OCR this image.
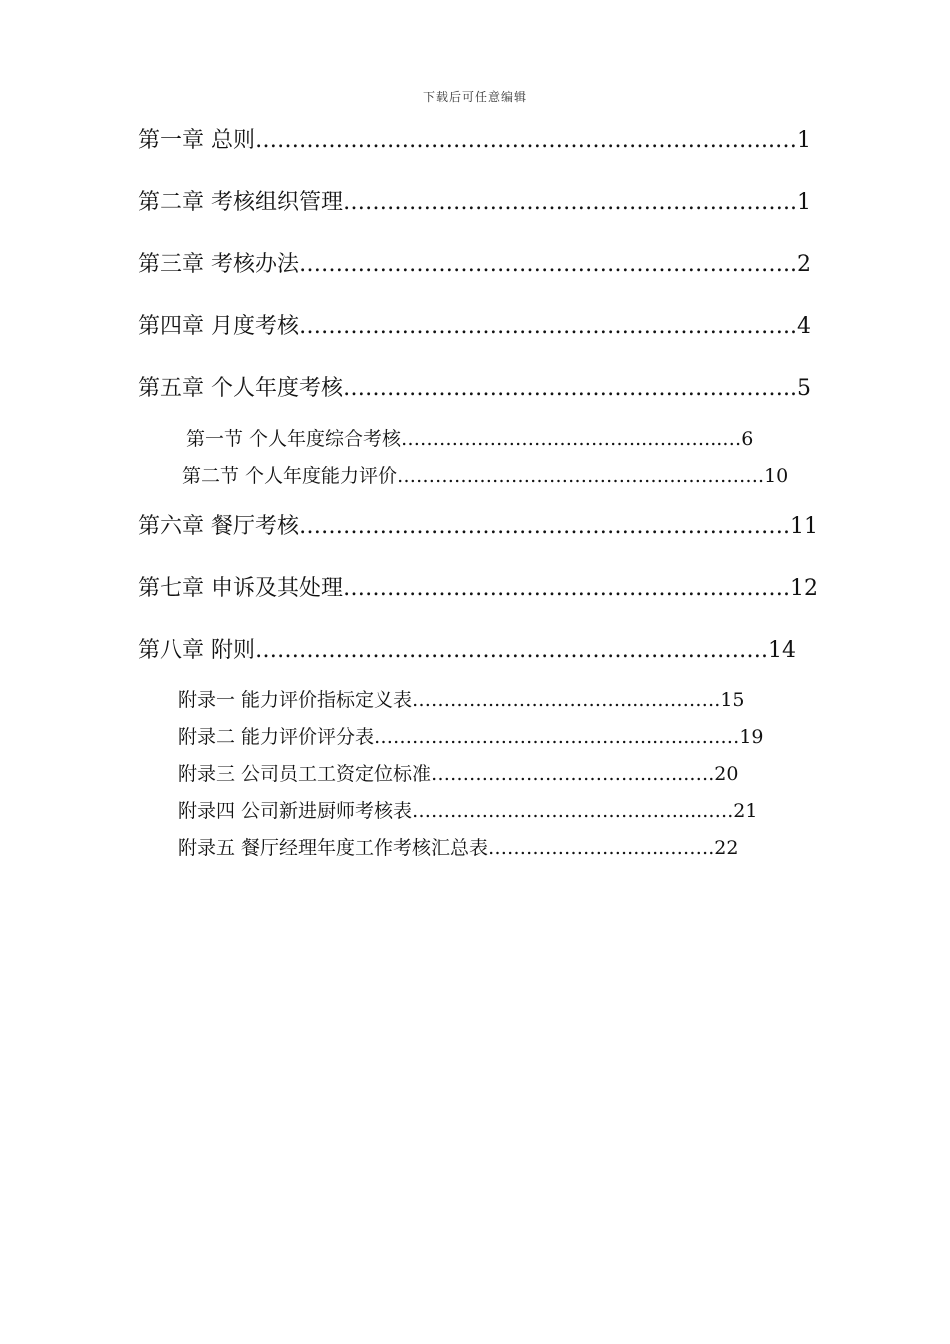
下载后可任意编辑
第一章 总则……………………………………………………………..…1
第二章 考核组织管理……………………………………………………..1
第三章 考核办法…………………………………………………………..2
第四章 月度考核…………………………………………………………..4
第五章 个人年度考核……………………………………………………..5
第一节 个人年度综合考核………………………………...………...…6
第二节 个人年度能力评价………………………………………………….10
第六章 餐厅考核………………………………………………………….11
第七章 申诉及其处理…………………………………………………….12
第八章 附则…………………………………………………………….14
附录一 能力评价指标定义表…………...………………...………….15
附录二 能力评价评分表……………………………………...…...….…19
附录三 公司员工工资定位标准……………………………..…...….20
附录四 公司新进厨师考核表…………………………………….....….21
附录五 餐厅经理年度工作考核汇总表…………………..…...…….22
